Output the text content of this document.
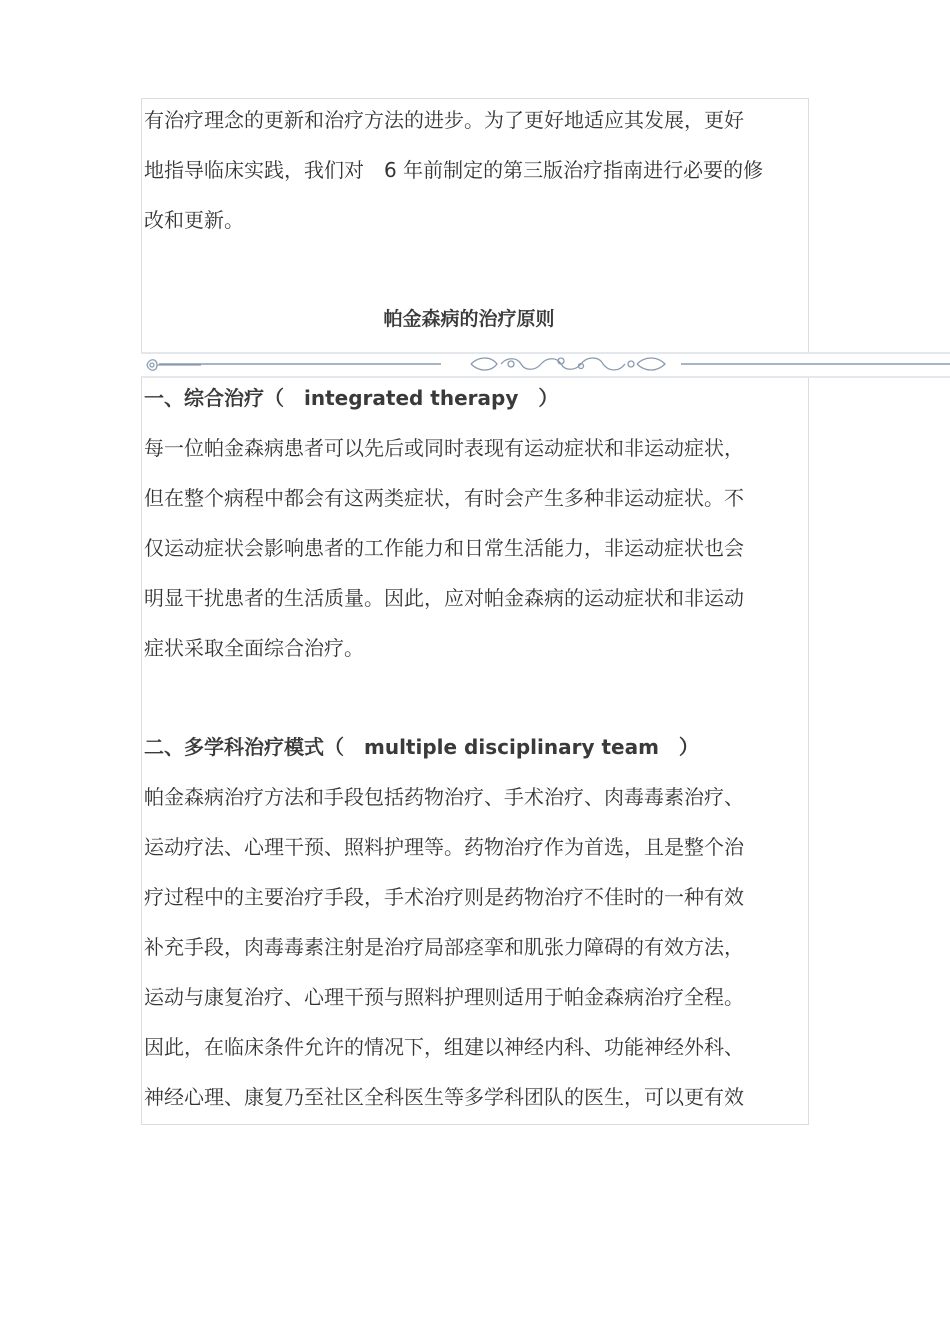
有治疗理念的更新和治疗方法的进步。为了更好地适应其发展，更好
地指导临床实践，我们对　6 年前制定的第三版治疗指南进行必要的修
改和更新。
帕金森病的治疗原则
一、综合治疗（　integrated therapy　）
每一位帕金森病患者可以先后或同时表现有运动症状和非运动症状，
但在整个病程中都会有这两类症状，有时会产生多种非运动症状。不
仅运动症状会影响患者的工作能力和日常生活能力，非运动症状也会
明显干扰患者的生活质量。因此，应对帕金森病的运动症状和非运动
症状采取全面综合治疗。
二、多学科治疗模式（　multiple disciplinary team　）
帕金森病治疗方法和手段包括药物治疗、手术治疗、肉毒毒素治疗、
运动疗法、心理干预、照料护理等。药物治疗作为首选，且是整个治
疗过程中的主要治疗手段，手术治疗则是药物治疗不佳时的一种有效
补充手段，肉毒毒素注射是治疗局部痉挛和肌张力障碍的有效方法，
运动与康复治疗、心理干预与照料护理则适用于帕金森病治疗全程。
因此，在临床条件允许的情况下，组建以神经内科、功能神经外科、
神经心理、康复乃至社区全科医生等多学科团队的医生，可以更有效
